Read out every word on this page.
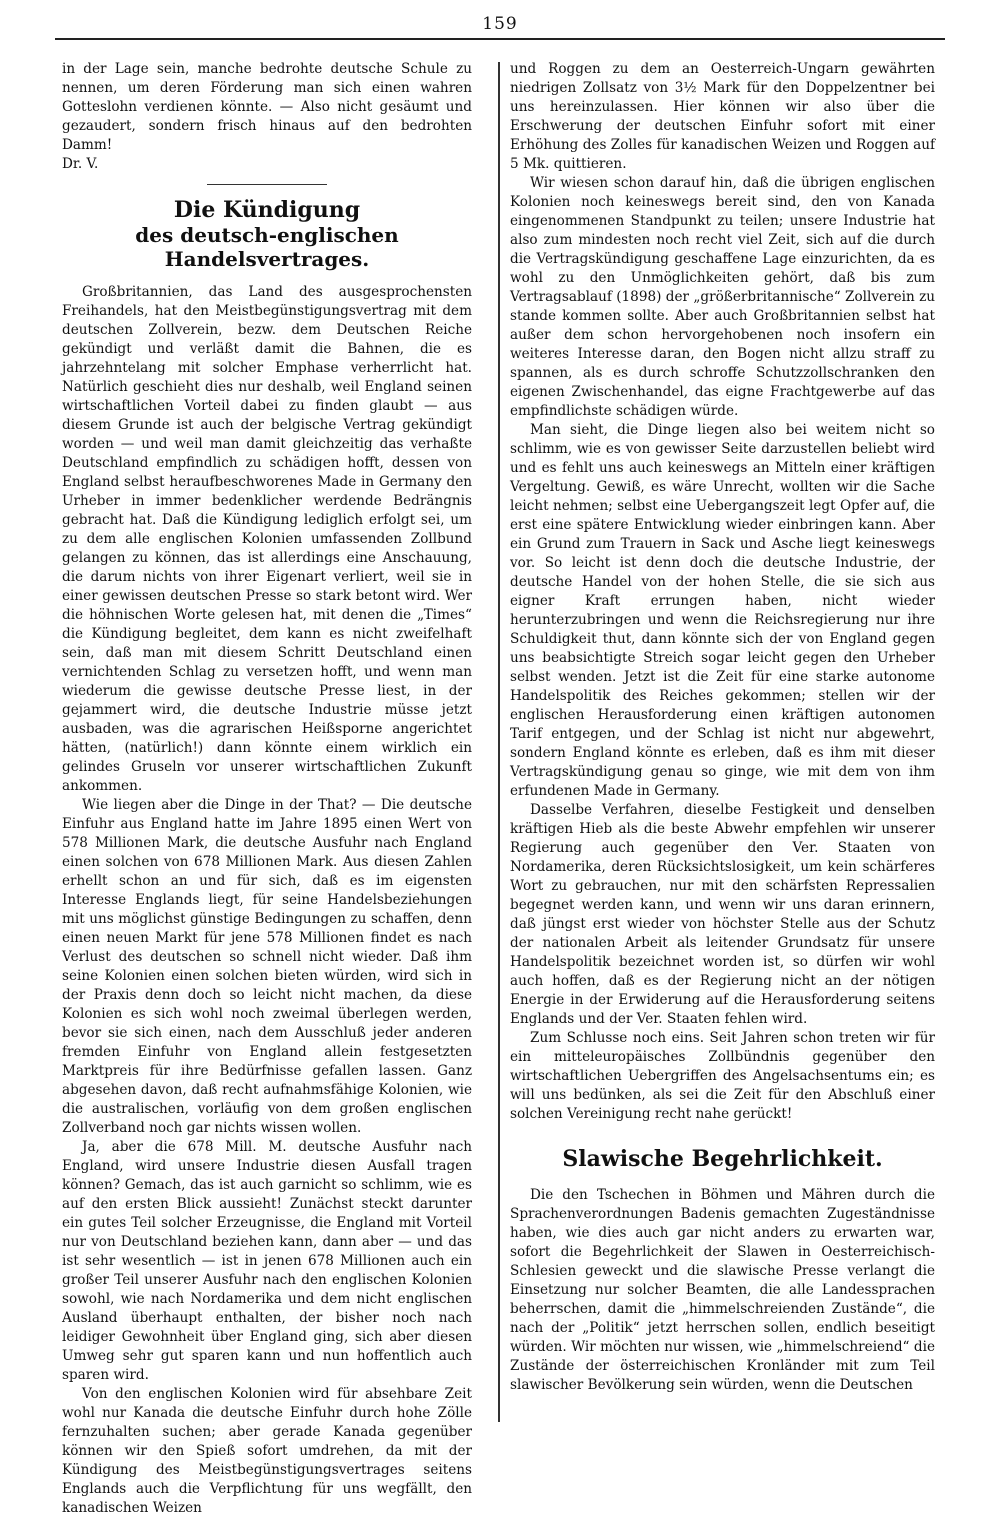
159

in der Lage sein, manche bedrohte deutsche Schule zu nennen, um deren Förderung man sich einen wahren Gotteslohn verdienen könnte. — Also nicht gesäumt und gezaudert, sondern frisch hinaus auf den bedrohten Damm!

Dr. V.

Die Kündigung
des deutsch-englischen Handelsvertrages.

Großbritannien, das Land des ausgesprochensten Freihandels, hat den Meistbegünstigungsvertrag mit dem deutschen Zollverein, bezw. dem Deutschen Reiche gekündigt und verläßt damit die Bahnen, die es jahrzehntelang mit solcher Emphase verherrlicht hat. Natürlich geschieht dies nur deshalb, weil England seinen wirtschaftlichen Vorteil dabei zu finden glaubt — aus diesem Grunde ist auch der belgische Vertrag gekündigt worden — und weil man damit gleichzeitig das verhaßte Deutschland empfindlich zu schädigen hofft, dessen von England selbst heraufbeschworenes Made in Germany den Urheber in immer bedenklicher werdende Bedrängnis gebracht hat. Daß die Kündigung lediglich erfolgt sei, um zu dem alle englischen Kolonien umfassenden Zollbund gelangen zu können, das ist allerdings eine Anschauung, die darum nichts von ihrer Eigenart verliert, weil sie in einer gewissen deutschen Presse so stark betont wird. Wer die höhnischen Worte gelesen hat, mit denen die „Times“ die Kündigung begleitet, dem kann es nicht zweifelhaft sein, daß man mit diesem Schritt Deutschland einen vernichtenden Schlag zu versetzen hofft, und wenn man wiederum die gewisse deutsche Presse liest, in der gejammert wird, die deutsche Industrie müsse jetzt ausbaden, was die agrarischen Heißsporne angerichtet hätten, (natürlich!) dann könnte einem wirklich ein gelindes Gruseln vor unserer wirtschaftlichen Zukunft ankommen.

Wie liegen aber die Dinge in der That? — Die deutsche Einfuhr aus England hatte im Jahre 1895 einen Wert von 578 Millionen Mark, die deutsche Ausfuhr nach England einen solchen von 678 Millionen Mark. Aus diesen Zahlen erhellt schon an und für sich, daß es im eigensten Interesse Englands liegt, für seine Handelsbeziehungen mit uns möglichst günstige Bedingungen zu schaffen, denn einen neuen Markt für jene 578 Millionen findet es nach Verlust des deutschen so schnell nicht wieder. Daß ihm seine Kolonien einen solchen bieten würden, wird sich in der Praxis denn doch so leicht nicht machen, da diese Kolonien es sich wohl noch zweimal überlegen werden, bevor sie sich einen, nach dem Ausschluß jeder anderen fremden Einfuhr von England allein festgesetzten Marktpreis für ihre Bedürfnisse gefallen lassen. Ganz abgesehen davon, daß recht aufnahmsfähige Kolonien, wie die australischen, vorläufig von dem großen englischen Zollverband noch gar nichts wissen wollen.

Ja, aber die 678 Mill. M. deutsche Ausfuhr nach England, wird unsere Industrie diesen Ausfall tragen können? Gemach, das ist auch garnicht so schlimm, wie es auf den ersten Blick aussieht! Zunächst steckt darunter ein gutes Teil solcher Erzeugnisse, die England mit Vorteil nur von Deutschland beziehen kann, dann aber — und das ist sehr wesentlich — ist in jenen 678 Millionen auch ein großer Teil unserer Ausfuhr nach den englischen Kolonien sowohl, wie nach Nordamerika und dem nicht englischen Ausland überhaupt enthalten, der bisher noch nach leidiger Gewohnheit über England ging, sich aber diesen Umweg sehr gut sparen kann und nun hoffentlich auch sparen wird.

Von den englischen Kolonien wird für absehbare Zeit wohl nur Kanada die deutsche Einfuhr durch hohe Zölle fernzuhalten suchen; aber gerade Kanada gegenüber können wir den Spieß sofort umdrehen, da mit der Kündigung des Meistbegünstigungsvertrages seitens Englands auch die Verpflichtung für uns wegfällt, den kanadischen Weizen

und Roggen zu dem an Oesterreich-Ungarn gewährten niedrigen Zollsatz von 3½ Mark für den Doppelzentner bei uns hereinzulassen. Hier können wir also über die Erschwerung der deutschen Einfuhr sofort mit einer Erhöhung des Zolles für kanadischen Weizen und Roggen auf 5 Mk. quittieren.

Wir wiesen schon darauf hin, daß die übrigen englischen Kolonien noch keineswegs bereit sind, den von Kanada eingenommenen Standpunkt zu teilen; unsere Industrie hat also zum mindesten noch recht viel Zeit, sich auf die durch die Vertragskündigung geschaffene Lage einzurichten, da es wohl zu den Unmöglichkeiten gehört, daß bis zum Vertragsablauf (1898) der „größerbritannische“ Zollverein zu stande kommen sollte. Aber auch Großbritannien selbst hat außer dem schon hervorgehobenen noch insofern ein weiteres Interesse daran, den Bogen nicht allzu straff zu spannen, als es durch schroffe Schutzzollschranken den eigenen Zwischenhandel, das eigne Frachtgewerbe auf das empfindlichste schädigen würde.

Man sieht, die Dinge liegen also bei weitem nicht so schlimm, wie es von gewisser Seite darzustellen beliebt wird und es fehlt uns auch keineswegs an Mitteln einer kräftigen Vergeltung. Gewiß, es wäre Unrecht, wollten wir die Sache leicht nehmen; selbst eine Uebergangszeit legt Opfer auf, die erst eine spätere Entwicklung wieder einbringen kann. Aber ein Grund zum Trauern in Sack und Asche liegt keineswegs vor. So leicht ist denn doch die deutsche Industrie, der deutsche Handel von der hohen Stelle, die sie sich aus eigner Kraft errungen haben, nicht wieder herunterzubringen und wenn die Reichsregierung nur ihre Schuldigkeit thut, dann könnte sich der von England gegen uns beabsichtigte Streich sogar leicht gegen den Urheber selbst wenden. Jetzt ist die Zeit für eine starke autonome Handelspolitik des Reiches gekommen; stellen wir der englischen Herausforderung einen kräftigen autonomen Tarif entgegen, und der Schlag ist nicht nur abgewehrt, sondern England könnte es erleben, daß es ihm mit dieser Vertragskündigung genau so ginge, wie mit dem von ihm erfundenen Made in Germany.

Dasselbe Verfahren, dieselbe Festigkeit und denselben kräftigen Hieb als die beste Abwehr empfehlen wir unserer Regierung auch gegenüber den Ver. Staaten von Nordamerika, deren Rücksichtslosigkeit, um kein schärferes Wort zu gebrauchen, nur mit den schärfsten Repressalien begegnet werden kann, und wenn wir uns daran erinnern, daß jüngst erst wieder von höchster Stelle aus der Schutz der nationalen Arbeit als leitender Grundsatz für unsere Handelspolitik bezeichnet worden ist, so dürfen wir wohl auch hoffen, daß es der Regierung nicht an der nötigen Energie in der Erwiderung auf die Herausforderung seitens Englands und der Ver. Staaten fehlen wird.

Zum Schlusse noch eins. Seit Jahren schon treten wir für ein mitteleuropäisches Zollbündnis gegenüber den wirtschaftlichen Uebergriffen des Angelsachsentums ein; es will uns bedünken, als sei die Zeit für den Abschluß einer solchen Vereinigung recht nahe gerückt!

Slawische Begehrlichkeit.

Die den Tschechen in Böhmen und Mähren durch die Sprachenverordnungen Badenis gemachten Zugeständnisse haben, wie dies auch gar nicht anders zu erwarten war, sofort die Begehrlichkeit der Slawen in Oesterreichisch-Schlesien geweckt und die slawische Presse verlangt die Einsetzung nur solcher Beamten, die alle Landessprachen beherrschen, damit die „himmelschreienden Zustände“, die nach der „Politik“ jetzt herrschen sollen, endlich beseitigt würden. Wir möchten nur wissen, wie „himmelschreiend“ die Zustände der österreichischen Kronländer mit zum Teil slawischer Bevölkerung sein würden, wenn die Deutschen
